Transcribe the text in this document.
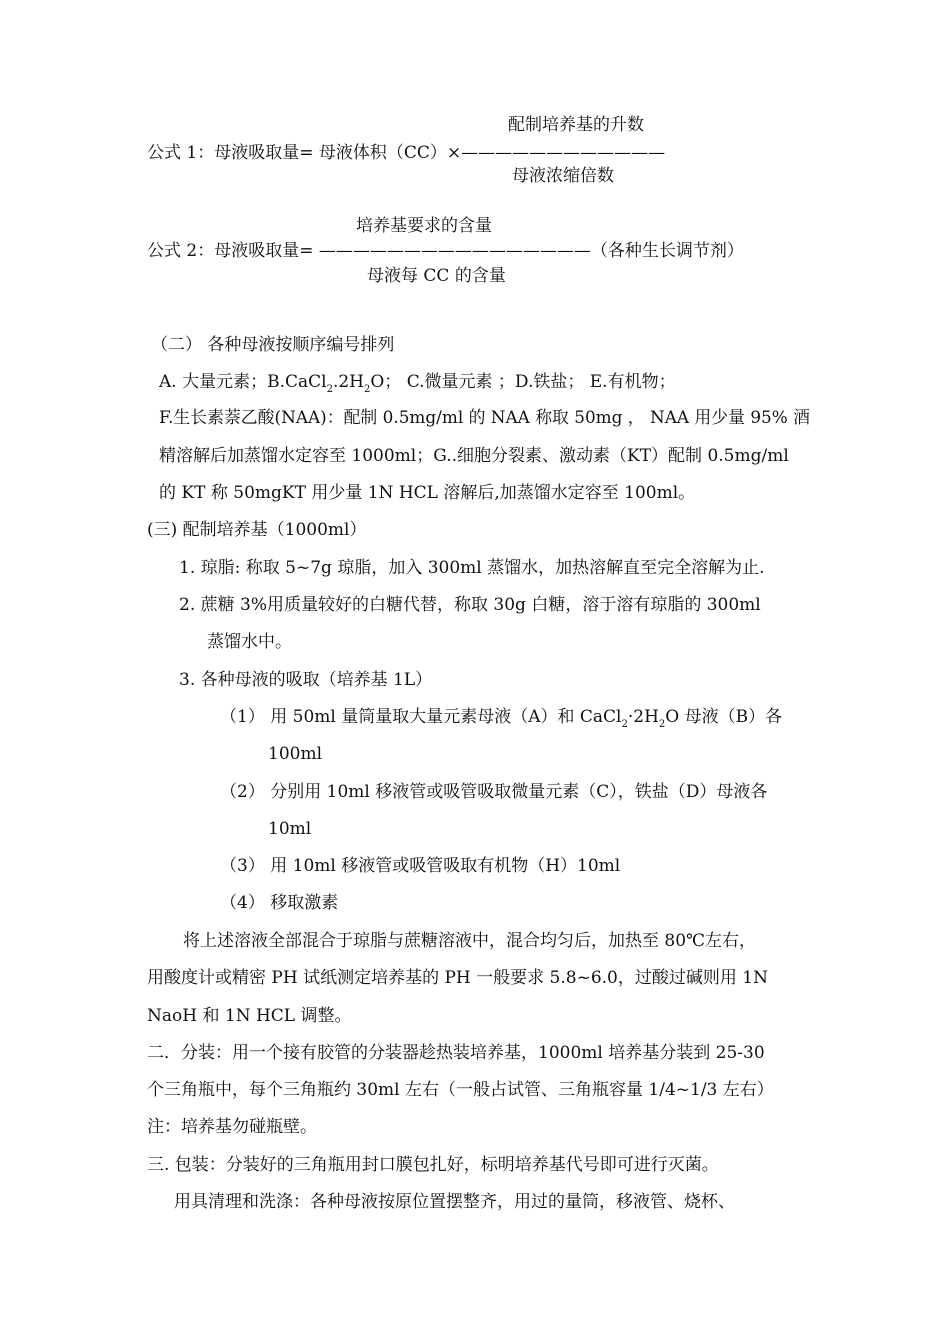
配制培养基的升数
公式 1：母液吸取量= 母液体积（CC）×————————————
母液浓缩倍数
培养基要求的含量
公式 2：母液吸取量= ————————————————（各种生长调节剂）
母液每 CC 的含量
（二） 各种母液按顺序编号排列
A. 大量元素；$B.CaCl_2.2H_2O$； C.微量元素 ；D.铁盐； E.有机物；
F.生长素萘乙酸(NAA)：配制 0.5mg/ml 的 NAA 称取 50mg ， NAA 用少量 95% 酒
精溶解后加蒸馏水定容至 1000ml；G..细胞分裂素、激动素（KT）配制 0.5mg/ml
的 KT 称 50mgKT 用少量 1N HCL 溶解后,加蒸馏水定容至 100ml。
(三) 配制培养基（1000ml）
1. 琼脂: 称取 5~7g 琼脂，加入 300ml 蒸馏水，加热溶解直至完全溶解为止.
2. 蔗糖 3%用质量较好的白糖代替，称取 30g 白糖，溶于溶有琼脂的 300ml
蒸馏水中。
3. 各种母液的吸取（培养基 1L）
（1） 用 50ml 量筒量取大量元素母液（A）和 $CaCl_2\cdot 2H_2O$ 母液（B）各
100ml
（2） 分别用 10ml 移液管或吸管吸取微量元素（C），铁盐（D）母液各
10ml
（3） 用 10ml 移液管或吸管吸取有机物（H）10ml
（4） 移取激素
将上述溶液全部混合于琼脂与蔗糖溶液中，混合均匀后，加热至 80℃左右，
用酸度计或精密 PH 试纸测定培养基的 PH 一般要求 5.8~6.0，过酸过碱则用 1N
NaoH 和 1N HCL 调整。
二．分装：用一个接有胶管的分装器趁热装培养基，1000ml 培养基分装到 25-30
个三角瓶中，每个三角瓶约 30ml 左右（一般占试管、三角瓶容量 1/4~1/3 左右）
注：培养基勿碰瓶壁。
三. 包装：分装好的三角瓶用封口膜包扎好，标明培养基代号即可进行灭菌。
用具清理和洗涤：各种母液按原位置摆整齐，用过的量筒，移液管、烧杯、
